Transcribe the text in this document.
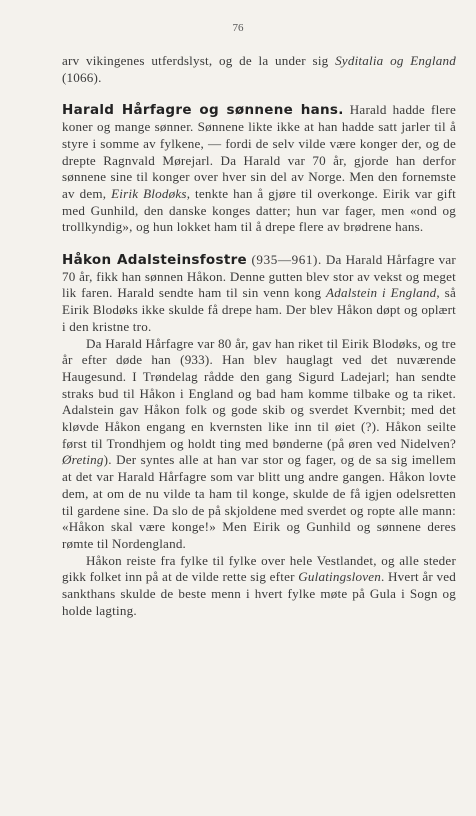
76

arv vikingenes utferdslyst, og de la under sig Syditalia og England (1066).

Harald Hårfagre og sønnene hans. Harald hadde flere koner og mange sønner. Sønnene likte ikke at han hadde satt jarler til å styre i somme av fylkene, — fordi de selv vilde være konger der, og de drepte Ragnvald Mørejarl. Da Harald var 70 år, gjorde han derfor sønnene sine til konger over hver sin del av Norge. Men den fornemste av dem, Eirik Blodøks, tenkte han å gjøre til overkonge. Eirik var gift med Gunhild, den danske konges datter; hun var fager, men «ond og trollkyndig», og hun lokket ham til å drepe flere av brødrene hans.

Håkon Adalsteinsfostre (935—961). Da Harald Hårfagre var 70 år, fikk han sønnen Håkon. Denne gutten blev stor av vekst og meget lik faren. Harald sendte ham til sin venn kong Adalstein i England, så Eirik Blodøks ikke skulde få drepe ham. Der blev Håkon døpt og oplært i den kristne tro.

Da Harald Hårfagre var 80 år, gav han riket til Eirik Blodøks, og tre år efter døde han (933). Han blev hauglagt ved det nuværende Haugesund. I Trøndelag rådde den gang Sigurd Ladejarl; han sendte straks bud til Håkon i England og bad ham komme tilbake og ta riket. Adalstein gav Håkon folk og gode skib og sverdet Kvernbit; med det kløvde Håkon engang en kvernsten like inn til øiet (?). Håkon seilte først til Trondhjem og holdt ting med bønderne (på øren ved Nidelven? Øreting). Der syntes alle at han var stor og fager, og de sa sig imellem at det var Harald Hårfagre som var blitt ung andre gangen. Håkon lovte dem, at om de nu vilde ta ham til konge, skulde de få igjen odelsretten til gardene sine. Da slo de på skjoldene med sverdet og ropte alle mann: «Håkon skal være konge!» Men Eirik og Gunhild og sønnene deres rømte til Nordengland.

Håkon reiste fra fylke til fylke over hele Vestlandet, og alle steder gikk folket inn på at de vilde rette sig efter Gulatingsloven. Hvert år ved sankthans skulde de beste menn i hvert fylke møte på Gula i Sogn og holde lagting.
